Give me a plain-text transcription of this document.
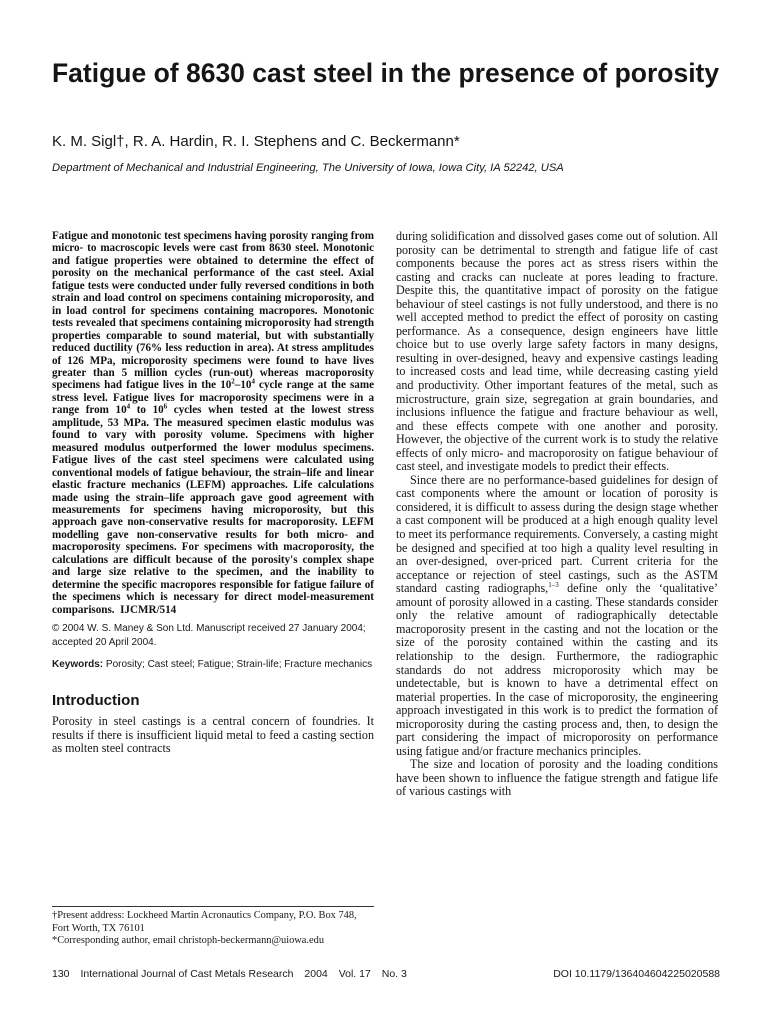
Fatigue of 8630 cast steel in the presence of porosity
K. M. Sigl†, R. A. Hardin, R. I. Stephens and C. Beckermann*
Department of Mechanical and Industrial Engineering, The University of Iowa, Iowa City, IA 52242, USA

Fatigue and monotonic test specimens having porosity ranging from micro- to macroscopic levels were cast from 8630 steel. Monotonic and fatigue properties were obtained to determine the effect of porosity on the mechanical performance of the cast steel. Axial fatigue tests were conducted under fully reversed conditions in both strain and load control on specimens containing microporosity, and in load control for specimens containing macropores. Monotonic tests revealed that specimens containing microporosity had strength properties comparable to sound material, but with substantially reduced ductility (76% less reduction in area). At stress amplitudes of 126 MPa, microporosity specimens were found to have lives greater than 5 million cycles (run-out) whereas macroporosity specimens had fatigue lives in the $10^2-10^4$ cycle range at the same stress level. Fatigue lives for macroporosity specimens were in a range from $10^4$ to $10^6$ cycles when tested at the lowest stress amplitude, 53 MPa. The measured specimen elastic modulus was found to vary with porosity volume. Specimens with higher measured modulus outperformed the lower modulus specimens. Fatigue lives of the cast steel specimens were calculated using conventional models of fatigue behaviour, the strain–life and linear elastic fracture mechanics (LEFM) approaches. Life calculations made using the strain–life approach gave good agreement with measurements for specimens having microporosity, but this approach gave non-conservative results for macroporosity. LEFM modelling gave non-conservative results for both micro- and macroporosity specimens. For specimens with macroporosity, the calculations are difficult because of the porosity's complex shape and large size relative to the specimen, and the inability to determine the specific macropores responsible for fatigue failure of the specimens which is necessary for direct model-measurement comparisons. IJCMR/514

© 2004 W. S. Maney & Son Ltd. Manuscript received 27 January 2004; accepted 20 April 2004.

Keywords: Porosity; Cast steel; Fatigue; Strain-life; Fracture mechanics

Introduction

Porosity in steel castings is a central concern of foundries. It results if there is insufficient liquid metal to feed a casting section as molten steel contracts

†Present address: Lockheed Martin Acronautics Company, P.O. Box 748, Fort Worth, TX 76101

*Corresponding author, email christoph-beckermann@uiowa.edu

during solidification and dissolved gases come out of solution. All porosity can be detrimental to strength and fatigue life of cast components because the pores act as stress risers within the casting and cracks can nucleate at pores leading to fracture. Despite this, the quantitative impact of porosity on the fatigue behaviour of steel castings is not fully understood, and there is no well accepted method to predict the effect of porosity on casting performance. As a consequence, design engineers have little choice but to use overly large safety factors in many designs, resulting in over-designed, heavy and expensive castings leading to increased costs and lead time, while decreasing casting yield and productivity. Other important features of the metal, such as microstructure, grain size, segregation at grain boundaries, and inclusions influence the fatigue and fracture behaviour as well, and these effects compete with one another and porosity. However, the objective of the current work is to study the relative effects of only micro- and macroporosity on fatigue behaviour of cast steel, and investigate models to predict their effects.

Since there are no performance-based guidelines for design of cast components where the amount or location of porosity is considered, it is difficult to assess during the design stage whether a cast component will be produced at a high enough quality level to meet its performance requirements. Conversely, a casting might be designed and specified at too high a quality level resulting in an over-designed, over-priced part. Current criteria for the acceptance or rejection of steel castings, such as the ASTM standard casting radiographs,$^{1-3}$ define only the ‘qualitative’ amount of porosity allowed in a casting. These standards consider only the relative amount of radiographically detectable macroporosity present in the casting and not the location or the size of the porosity contained within the casting and its relationship to the design. Furthermore, the radiographic standards do not address microporosity which may be undetectable, but is known to have a detrimental effect on material properties. In the case of microporosity, the engineering approach investigated in this work is to predict the formation of microporosity during the casting process and, then, to design the part considering the impact of microporosity on performance using fatigue and/or fracture mechanics principles.

The size and location of porosity and the loading conditions have been shown to influence the fatigue strength and fatigue life of various castings with

130 International Journal of Cast Metals Research 2004 Vol. 17 No. 3	DOI 10.1179/136404604225020588
